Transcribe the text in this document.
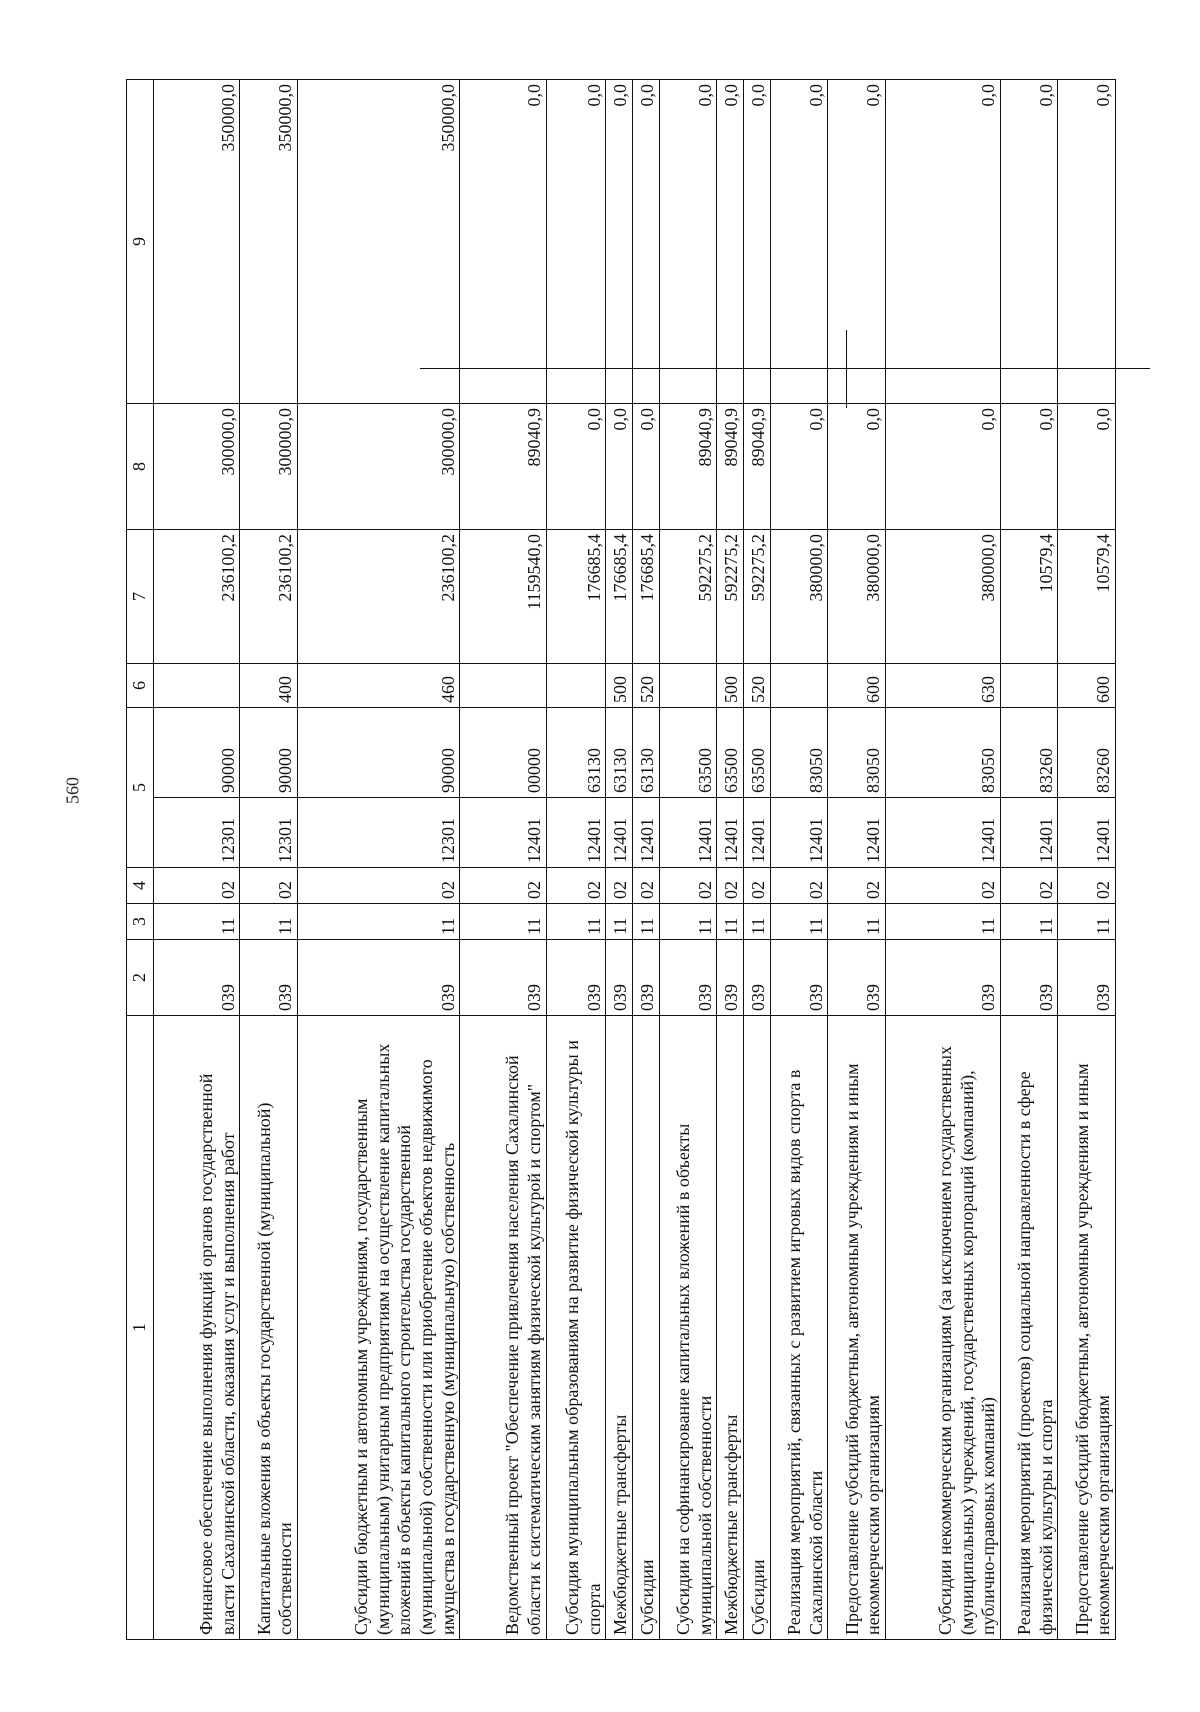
560
1	2	3	4	5		6	7	8	9
Финансовое обеспечение выполнения функций органов государственной власти Сахалинской области, оказания услуг и выполнения работ	039	11	02	12301	90000		236100,2	300000,0	350000,0
Капитальные вложения в объекты государственной (муниципальной) собственности	039	11	02	12301	90000	400	236100,2	300000,0	350000,0
Субсидии бюджетным и автономным учреждениям, государственным (муниципальным) унитарным предприятиям на осуществление капитальных вложений в объекты капитального строительства государственной (муниципальной) собственности или приобретение объектов недвижимого имущества в государственную (муниципальную) собственность	039	11	02	12301	90000	460	236100,2	300000,0	350000,0
Ведомственный проект "Обеспечение привлечения населения Сахалинской области к систематическим занятиям физической культурой и спортом"	039	11	02	12401	00000		1159540,0	89040,9	0,0
Субсидия муниципальным образованиям на развитие физической культуры и спорта	039	11	02	12401	63130		176685,4	0,0	0,0
Межбюджетные трансферты	039	11	02	12401	63130	500	176685,4	0,0	0,0
Субсидии	039	11	02	12401	63130	520	176685,4	0,0	0,0
Субсидии на софинансирование капитальных вложений в объекты муниципальной собственности	039	11	02	12401	63500		592275,2	89040,9	0,0
Межбюджетные трансферты	039	11	02	12401	63500	500	592275,2	89040,9	0,0
Субсидии	039	11	02	12401	63500	520	592275,2	89040,9	0,0
Реализация мероприятий, связанных с развитием игровых видов спорта в Сахалинской области	039	11	02	12401	83050		380000,0	0,0	0,0
Предоставление субсидий бюджетным, автономным учреждениям и иным некоммерческим организациям	039	11	02	12401	83050	600	380000,0	0,0	0,0
Субсидии некоммерческим организациям (за исключением государственных (муниципальных) учреждений, государственных корпораций (компаний), публично-правовых компаний)	039	11	02	12401	83050	630	380000,0	0,0	0,0
Реализация мероприятий (проектов) социальной направленности в сфере физической культуры и спорта	039	11	02	12401	83260		10579,4	0,0	0,0
Предоставление субсидий бюджетным, автономным учреждениям и иным некоммерческим организациям	039	11	02	12401	83260	600	10579,4	0,0	0,0
